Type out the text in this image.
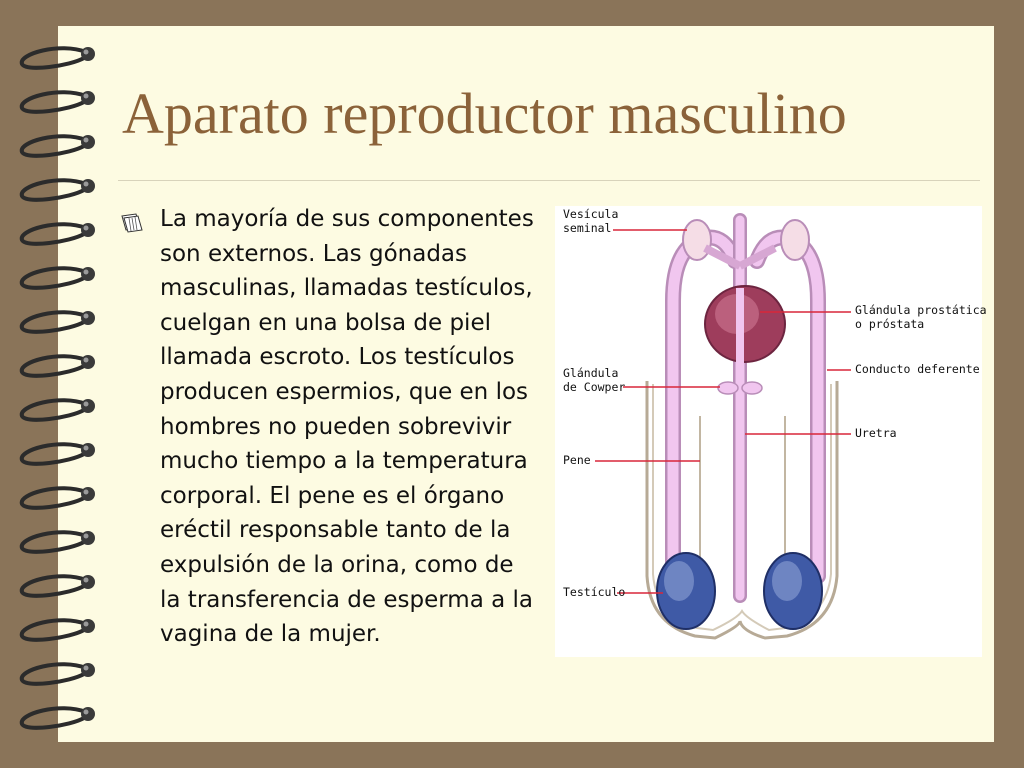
Aparato reproductor masculino

La mayoría de sus componentes son externos. Las gónadas masculinas, llamadas testículos, cuelgan en una bolsa de piel llamada escroto. Los testículos producen espermios, que en los hombres no pueden sobrevivir mucho tiempo a la temperatura corporal. El pene es el órgano eréctil responsable tanto de la expulsión de la orina, como de la transferencia de esperma a la vagina de la mujer.

Vesícula
seminal
Glándula prostática
o próstata
Conducto deferente
Glándula
de Cowper
Uretra
Pene
Testículo
